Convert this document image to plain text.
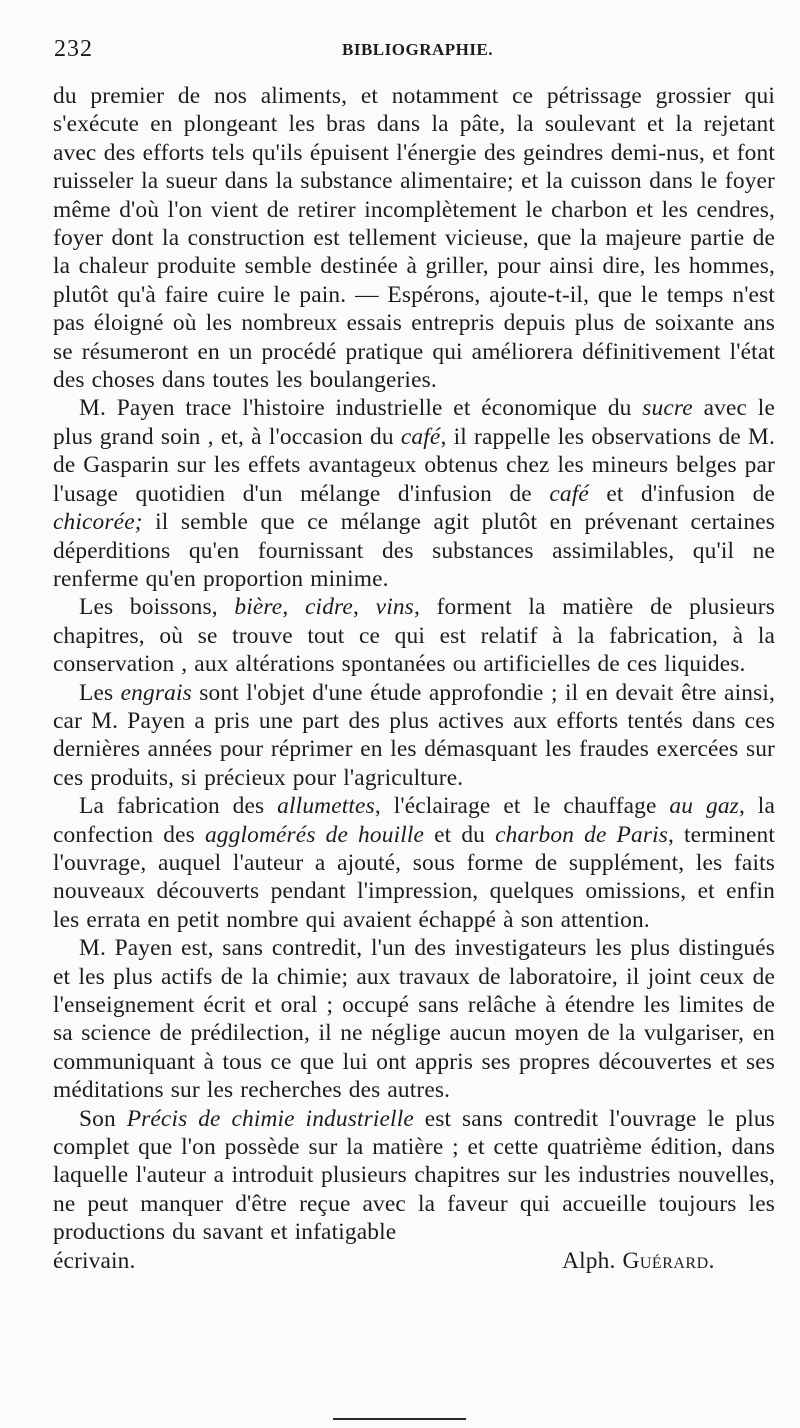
232	BIBLIOGRAPHIE.

du premier de nos aliments, et notamment ce pétrissage grossier qui s'exécute en plongeant les bras dans la pâte, la soulevant et la rejetant avec des efforts tels qu'ils épuisent l'énergie des geindres demi-nus, et font ruisseler la sueur dans la substance alimentaire; et la cuisson dans le foyer même d'où l'on vient de retirer incomplètement le charbon et les cendres, foyer dont la construction est tellement vicieuse, que la majeure partie de la chaleur produite semble destinée à griller, pour ainsi dire, les hommes, plutôt qu'à faire cuire le pain. — Espérons, ajoute-t-il, que le temps n'est pas éloigné où les nombreux essais entrepris depuis plus de soixante ans se résumeront en un procédé pratique qui améliorera définitivement l'état des choses dans toutes les boulangeries.

M. Payen trace l'histoire industrielle et économique du sucre avec le plus grand soin , et, à l'occasion du café, il rappelle les observations de M. de Gasparin sur les effets avantageux obtenus chez les mineurs belges par l'usage quotidien d'un mélange d'infusion de café et d'infusion de chicorée; il semble que ce mélange agit plutôt en prévenant certaines déperditions qu'en fournissant des substances assimilables, qu'il ne renferme qu'en proportion minime.

Les boissons, bière, cidre, vins, forment la matière de plusieurs chapitres, où se trouve tout ce qui est relatif à la fabrication, à la conservation , aux altérations spontanées ou artificielles de ces liquides.

Les engrais sont l'objet d'une étude approfondie ; il en devait être ainsi, car M. Payen a pris une part des plus actives aux efforts tentés dans ces dernières années pour réprimer en les démasquant les fraudes exercées sur ces produits, si précieux pour l'agriculture.

La fabrication des allumettes, l'éclairage et le chauffage au gaz, la confection des agglomérés de houille et du charbon de Paris, terminent l'ouvrage, auquel l'auteur a ajouté, sous forme de supplément, les faits nouveaux découverts pendant l'impression, quelques omissions, et enfin les errata en petit nombre qui avaient échappé à son attention.

M. Payen est, sans contredit, l'un des investigateurs les plus distingués et les plus actifs de la chimie; aux travaux de laboratoire, il joint ceux de l'enseignement écrit et oral ; occupé sans relâche à étendre les limites de sa science de prédilection, il ne néglige aucun moyen de la vulgariser, en communiquant à tous ce que lui ont appris ses propres découvertes et ses méditations sur les recherches des autres.

Son Précis de chimie industrielle est sans contredit l'ouvrage le plus complet que l'on possède sur la matière ; et cette quatrième édition, dans laquelle l'auteur a introduit plusieurs chapitres sur les industries nouvelles, ne peut manquer d'être reçue avec la faveur qui accueille toujours les productions du savant et infatigable

écrivain.	Alph. Guérard.
